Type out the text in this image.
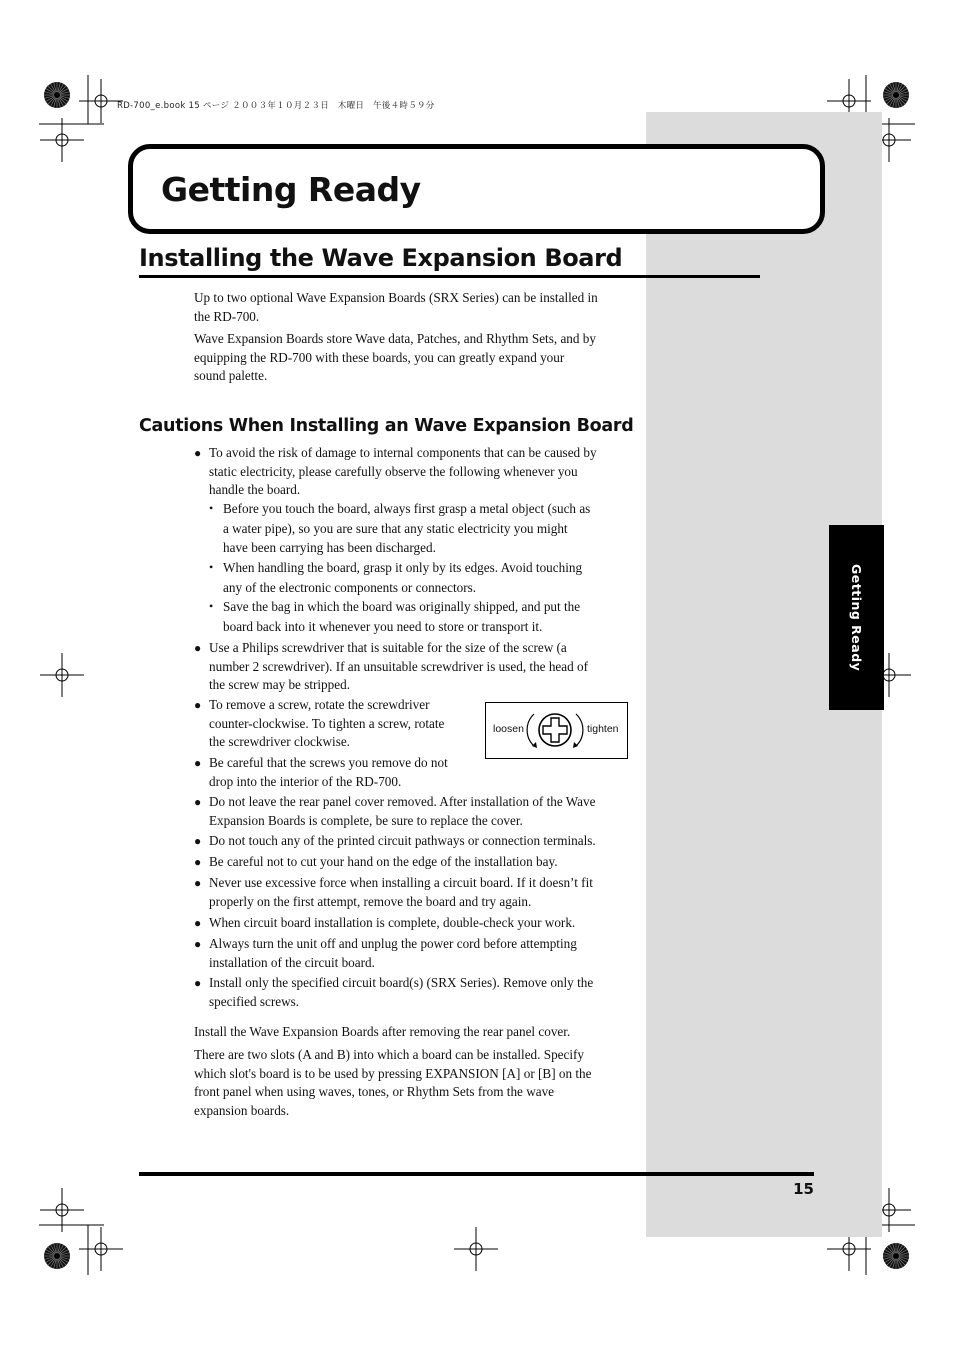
RD-700_e.book 15 ページ ２００３年１０月２３日　木曜日　午後４時５９分
Getting Ready
Getting Ready
Installing the Wave Expansion Board

Up to two optional Wave Expansion Boards (SRX Series) can be installed in
the RD-700.

Wave Expansion Boards store Wave data, Patches, and Rhythm Sets, and by
equipping the RD-700 with these boards, you can greatly expand your
sound palette.

Cautions When Installing an Wave Expansion Board
● To avoid the risk of damage to internal components that can be caused by
static electricity, please carefully observe the following whenever you
handle the board.
• Before you touch the board, always first grasp a metal object (such as
a water pipe), so you are sure that any static electricity you might
have been carrying has been discharged.
• When handling the board, grasp it only by its edges. Avoid touching
any of the electronic components or connectors.
• Save the bag in which the board was originally shipped, and put the
board back into it whenever you need to store or transport it.
● Use a Philips screwdriver that is suitable for the size of the screw (a
number 2 screwdriver). If an unsuitable screwdriver is used, the head of
the screw may be stripped.
● To remove a screw, rotate the screwdriver
counter-clockwise. To tighten a screw, rotate
the screwdriver clockwise.
loosen	tighten
● Be careful that the screws you remove do not
drop into the interior of the RD-700.
● Do not leave the rear panel cover removed. After installation of the Wave
Expansion Boards is complete, be sure to replace the cover.
● Do not touch any of the printed circuit pathways or connection terminals.
● Be careful not to cut your hand on the edge of the installation bay.
● Never use excessive force when installing a circuit board. If it doesn’t fit
properly on the first attempt, remove the board and try again.
● When circuit board installation is complete, double-check your work.
● Always turn the unit off and unplug the power cord before attempting
installation of the circuit board.
● Install only the specified circuit board(s) (SRX Series). Remove only the
specified screws.

Install the Wave Expansion Boards after removing the rear panel cover.

There are two slots (A and B) into which a board can be installed. Specify
which slot's board is to be used by pressing EXPANSION [A] or [B] on the
front panel when using waves, tones, or Rhythm Sets from the wave
expansion boards.

15
